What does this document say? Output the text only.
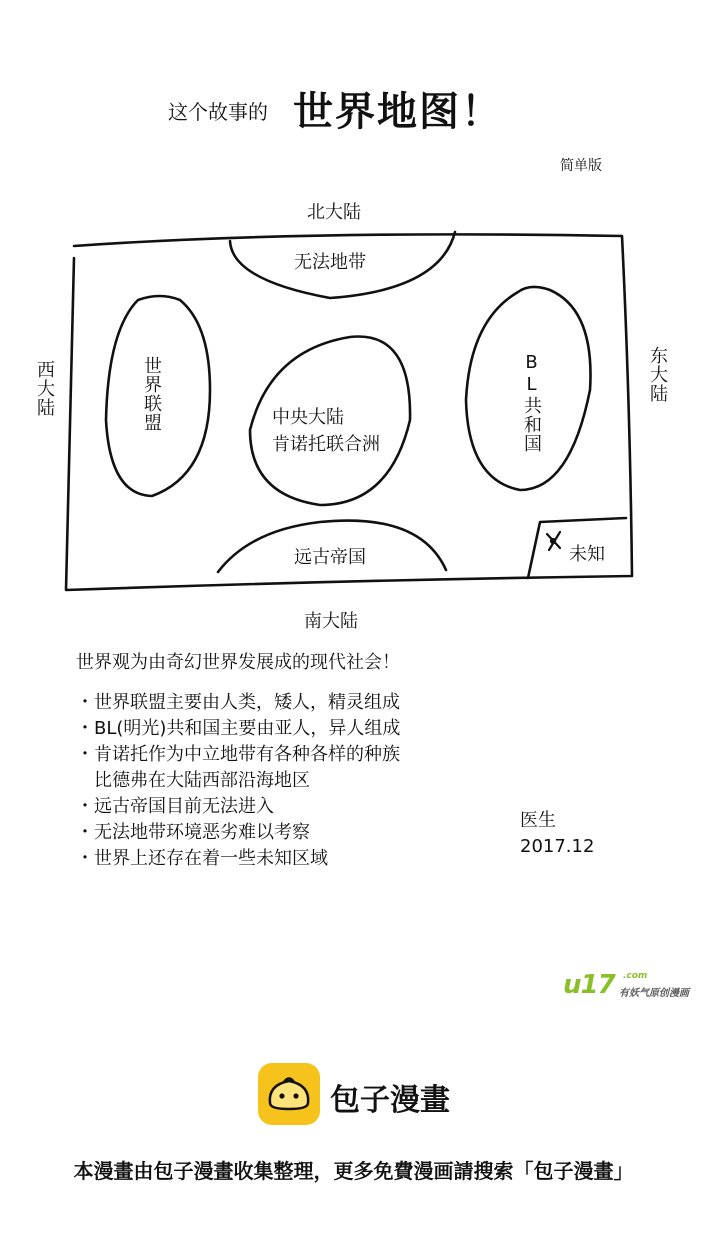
这个故事的 世界地图！
简单版
北大陆
南大陆
西大陆	东大陆
无法地带
世界联盟	BL共和国
中央大陆
肯诺托联合洲
远古帝国	未知
世界观为由奇幻世界发展成的现代社会！
・世界联盟主要由人类，矮人，精灵组成
・BL(明光)共和国主要由亚人，异人组成
・肯诺托作为中立地带有各种各样的种族
　比德弗在大陆西部沿海地区
・远古帝国目前无法进入
・无法地带环境恶劣难以考察
・世界上还存在着一些未知区域
医生
2017.12
u17 .com
有妖气原创漫画
包子漫畫
本漫畫由包子漫畫收集整理，更多免費漫画請搜索「包子漫畫」
